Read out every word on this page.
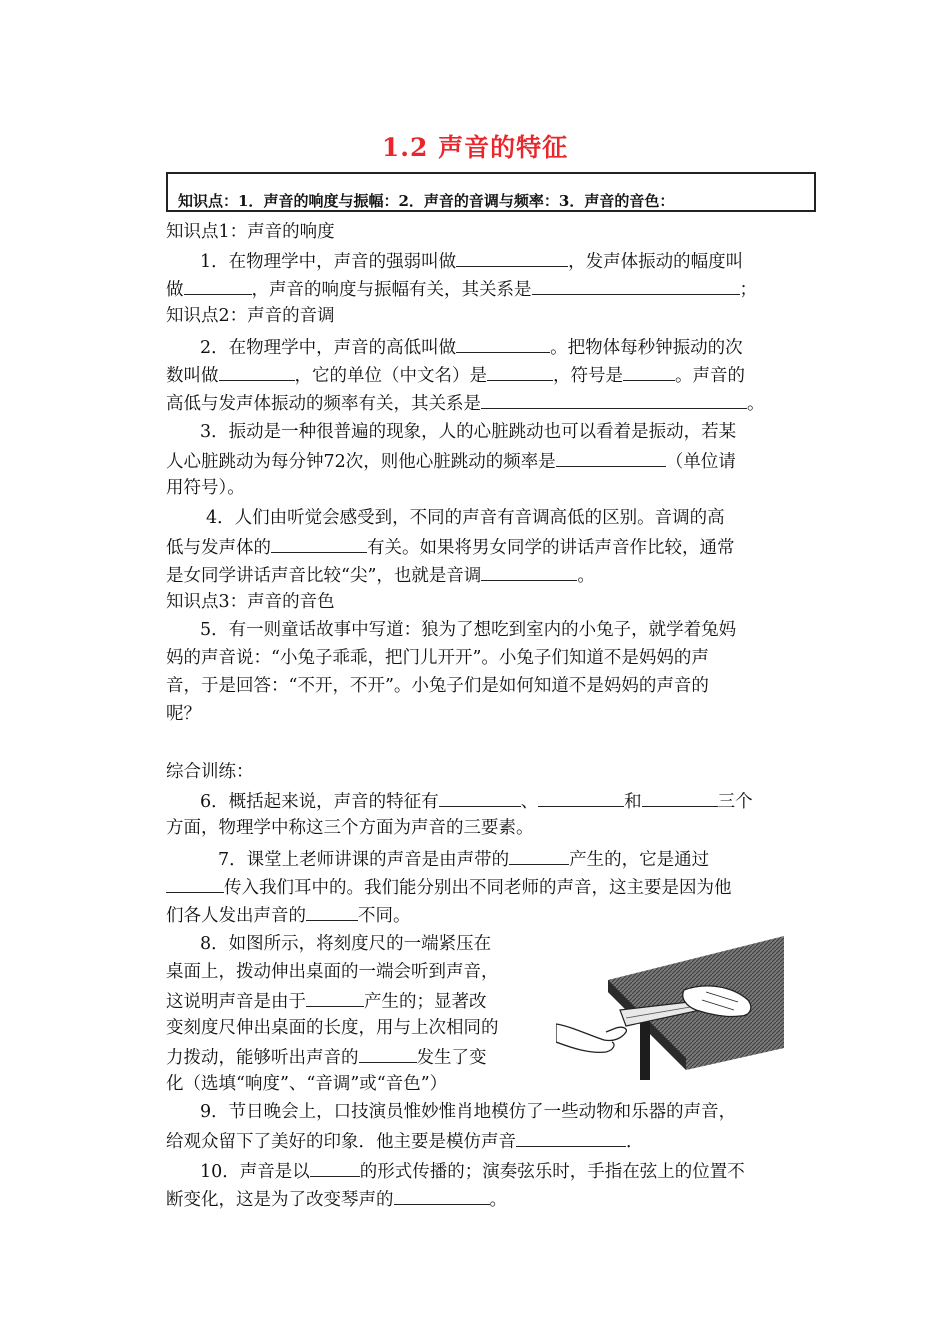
1.2 声音的特征
知识点：1．声音的响度与振幅：2．声音的音调与频率：3．声音的音色：
知识点1：声音的响度
1．在物理学中，声音的强弱叫做	，发声体振动的幅度叫
做	，声音的响度与振幅有关，其关系是	；
知识点2：声音的音调
2．在物理学中，声音的高低叫做	。把物体每秒钟振动的次
数叫做	，它的单位（中文名）是	，符号是	。声音的
高低与发声体振动的频率有关，其关系是	。
3．振动是一种很普遍的现象，人的心脏跳动也可以看着是振动，若某
人心脏跳动为每分钟72次，则他心脏跳动的频率是	（单位请
用符号）。
4．人们由听觉会感受到，不同的声音有音调高低的区别。音调的高
低与发声体的	有关。如果将男女同学的讲话声音作比较，通常
是女同学讲话声音比较“尖”，也就是音调	。
知识点3：声音的音色
5．有一则童话故事中写道：狼为了想吃到室内的小兔子，就学着兔妈
妈的声音说：“小兔子乖乖，把门儿开开”。小兔子们知道不是妈妈的声
音，于是回答：“不开，不开”。小兔子们是如何知道不是妈妈的声音的
呢？
综合训练：
6．概括起来说，声音的特征有	、	和	三个
方面，物理学中称这三个方面为声音的三要素。
7．课堂上老师讲课的声音是由声带的	产生的，它是通过
传入我们耳中的。我们能分别出不同老师的声音，这主要是因为他
们各人发出声音的	不同。
8．如图所示，将刻度尺的一端紧压在
桌面上，拨动伸出桌面的一端会听到声音，
这说明声音是由于	产生的；显著改
变刻度尺伸出桌面的长度，用与上次相同的
力拨动，能够听出声音的	发生了变
化（选填“响度”、“音调”或“音色”）
9．节日晚会上，口技演员惟妙惟肖地模仿了一些动物和乐器的声音，
给观众留下了美好的印象．他主要是模仿声音	．
10．声音是以	的形式传播的；演奏弦乐时，手指在弦上的位置不
断变化，这是为了改变琴声的	。
